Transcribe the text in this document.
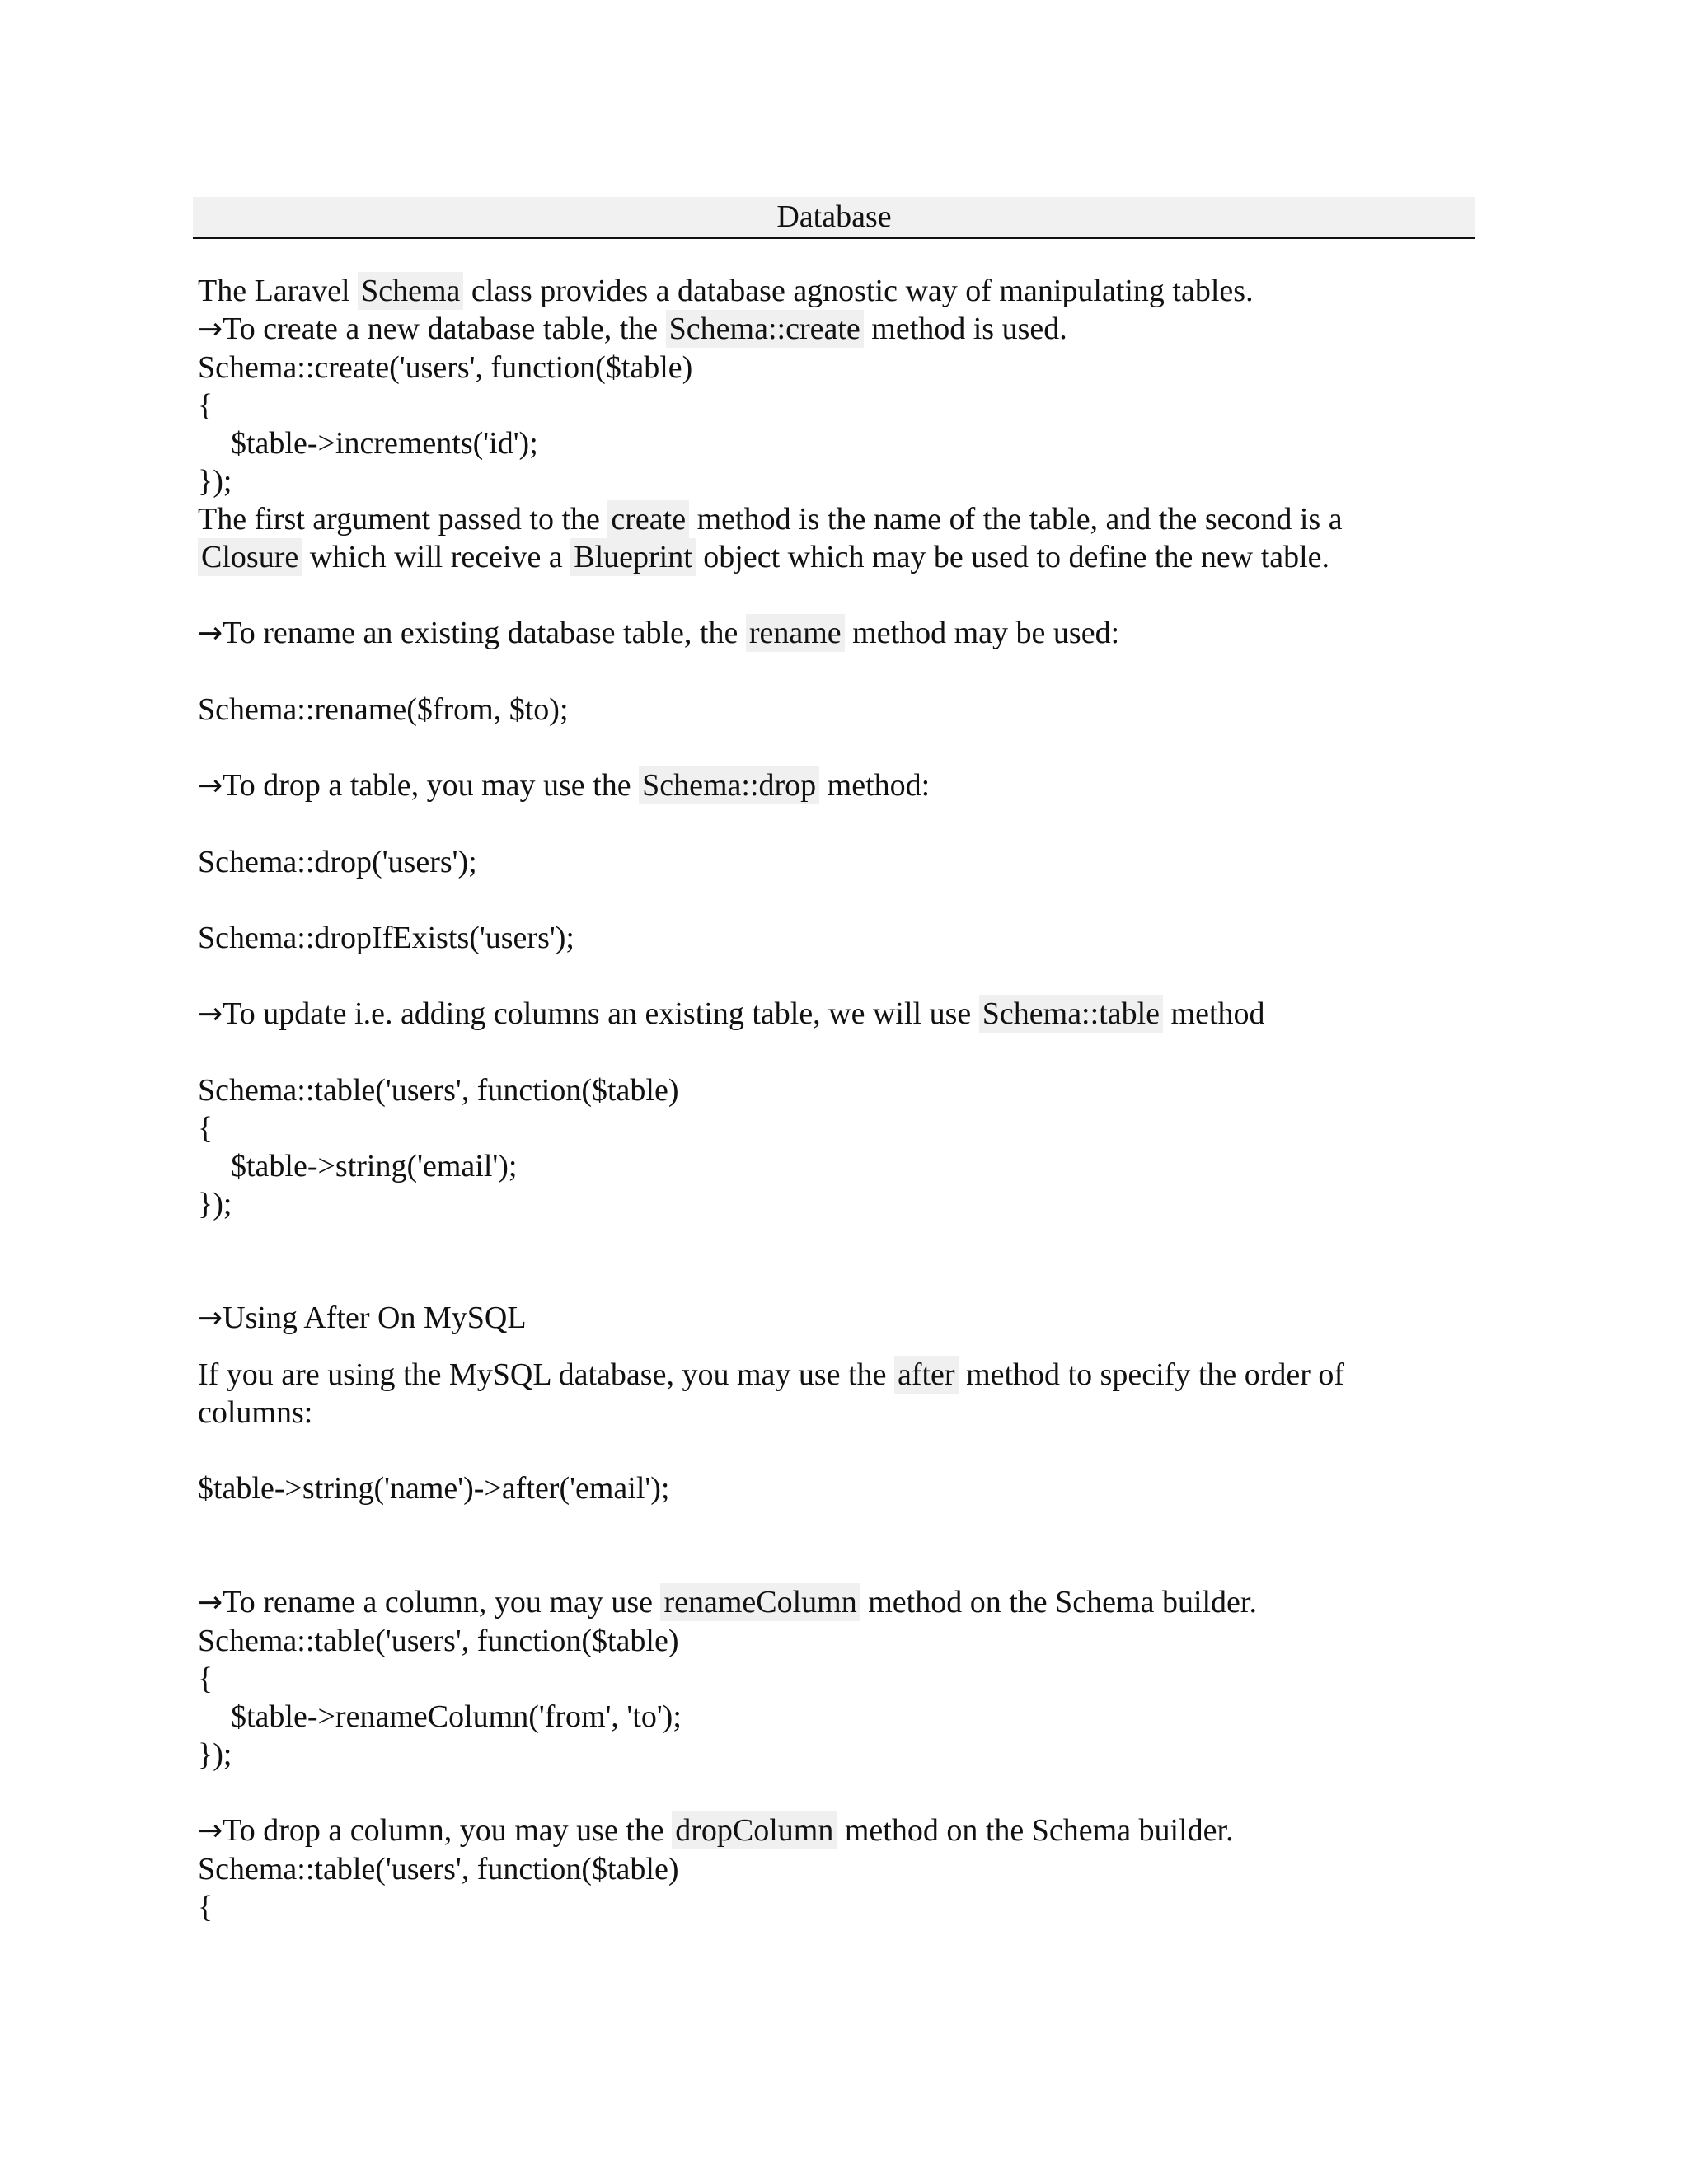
Database

The Laravel Schema class provides a database agnostic way of manipulating tables.

→To create a new database table, the Schema::create method is used.

Schema::create('users', function($table)

{

$table->increments('id');

});

The first argument passed to the create method is the name of the table, and the second is a

Closure which will receive a Blueprint object which may be used to define the new table.

→To rename an existing database table, the rename method may be used:

Schema::rename($from, $to);

→To drop a table, you may use the Schema::drop method:

Schema::drop('users');

Schema::dropIfExists('users');

→To update i.e. adding columns an existing table, we will use Schema::table method

Schema::table('users', function($table)

{

$table->string('email');

});

→Using After On MySQL

If you are using the MySQL database, you may use the after method to specify the order of

columns:

$table->string('name')->after('email');

→To rename a column, you may use renameColumn method on the Schema builder.

Schema::table('users', function($table)

{

$table->renameColumn('from', 'to');

});

→To drop a column, you may use the dropColumn method on the Schema builder.

Schema::table('users', function($table)

{
